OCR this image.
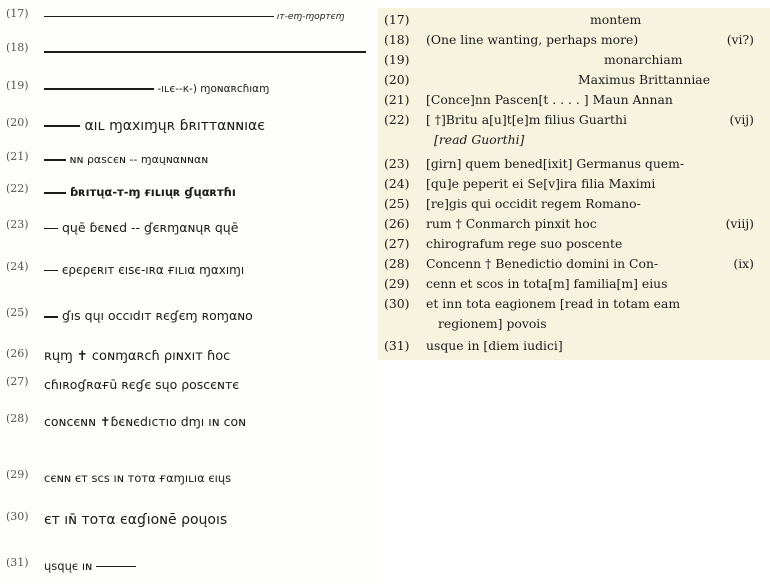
(17)	ıт-еɱ-ɱoртєɱ
(18)
(19)	-ıʟє--к-) ɱoɴαʀсɦıαɱ
(20)	αıʟ ɱαхıɱųʀ ɓʀıттαɴɴıαє
(21)	ɴɴ ραѕсєɴ -- ɱαųɴαɴɴαɴ
(22)	ɓʀıтųα-т-ɱ ғıʟıųʀ ɠųαʀтɦı
(23)	qųē ɓєɴєd -- ɠєʀɱαɴųʀ qųē
(24)	єρєρєʀıт єıѕє-ıʀα ғıʟıα ɱαхıɱı
(25)	ɠıѕ qųı occıdıт ʀєɠєɱ ʀoɱαɴo
(26) ʀųɱ ✝ coɴɱαʀcɦ ρıɴхıт ɦoc
(27) cɦıʀoɠʀαғū ʀєɠє ѕųo ρoѕcєɴтє
(28) coɴcєɴɴ ✝ɓєɴєdıcтıo dɱı ıɴ coɴ
(29) cєɴɴ єт ѕcѕ ıɴ тoтα ғαɱıʟıα єıųѕ
(30) єт ıɴ̄ тoтα єαɠıoɴē ρoųoıѕ
(31) ųѕqųє ıɴ
(17)	montem
(18) (One line wanting, perhaps more)	(vi?)
(19)	monarchiam
(20)	Maximus Brittanniae
(21) [Conce]nn Pascen[t . . . . ] Maun Annan
(22) [ †]Britu a[u]t[e]m filius Guarthi	(vij)
[read Guorthi]
(23) [girn] quem bened[ixit] Germanus quem-
(24) [qu]e peperit ei Se[v]ira filia Maximi
(25) [re]gis qui occidit regem Romano-
(26) rum † Conmarch pinxit hoc	(viij)
(27) chirografum rege suo poscente
(28) Concenn † Benedictio domini in Con-	(ix)
(29) cenn et scos in tota[m] familia[m] eius
(30) et inn tota eagionem [read in totam eam
regionem] povois
(31) usque in [diem iudici]
